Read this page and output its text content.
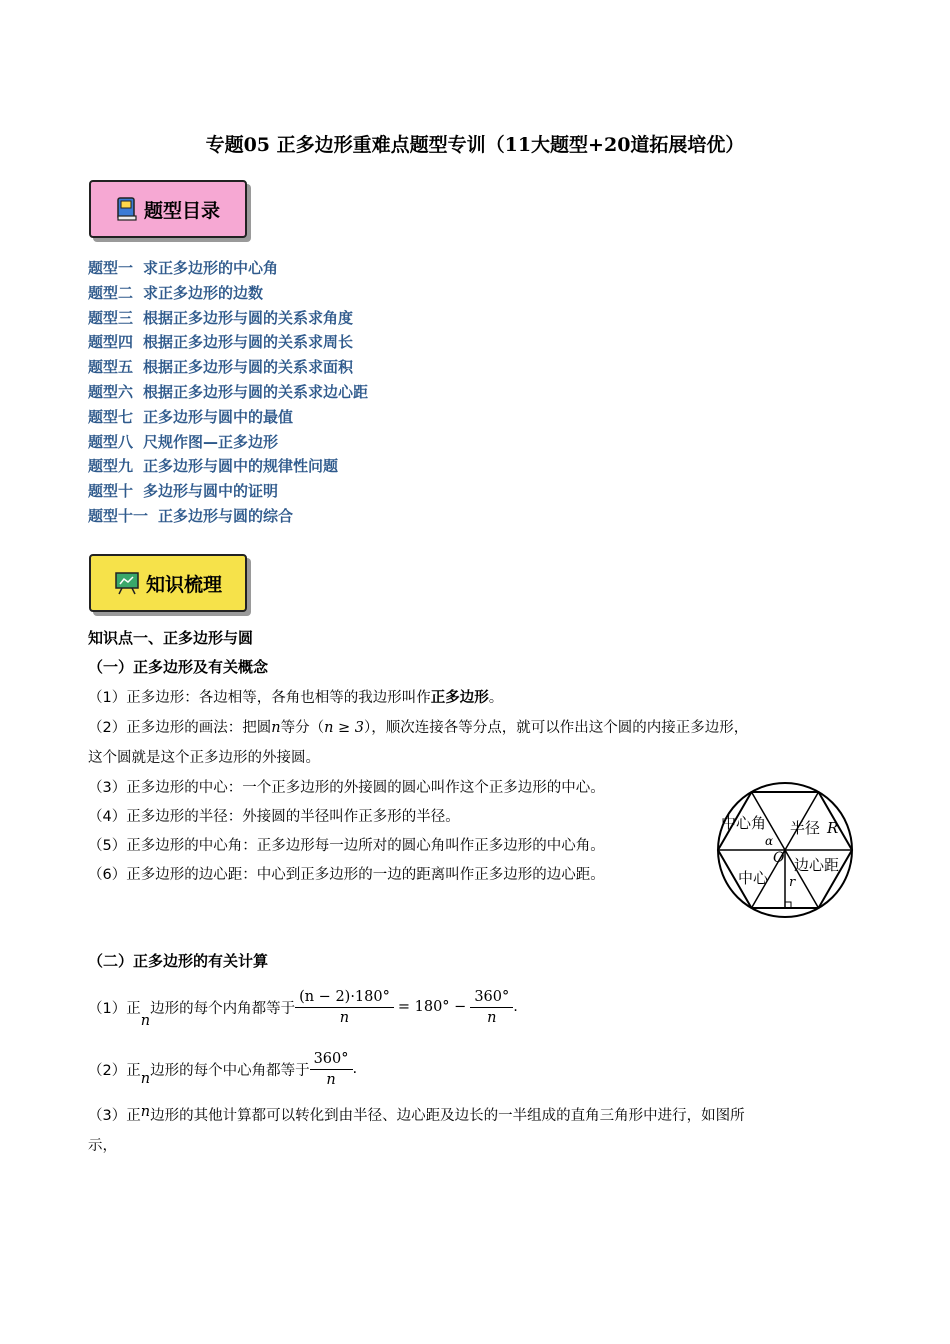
专题05 正多边形重难点题型专训（11大题型+20道拓展培优）
题型目录
题型一 求正多边形的中心角
题型二 求正多边形的边数
题型三 根据正多边形与圆的关系求角度
题型四 根据正多边形与圆的关系求周长
题型五 根据正多边形与圆的关系求面积
题型六 根据正多边形与圆的关系求边心距
题型七 正多边形与圆中的最值
题型八 尺规作图—正多边形
题型九 正多边形与圆中的规律性问题
题型十 多边形与圆中的证明
题型十一 正多边形与圆的综合
知识梳理
知识点一、正多边形与圆
（一）正多边形及有关概念
（1）正多边形：各边相等，各角也相等的我边形叫作正多边形。
（2）正多边形的画法：把圆n等分（n ≥ 3），顺次连接各等分点，就可以作出这个圆的内接正多边形，
这个圆就是这个正多边形的外接圆。
（3）正多边形的中心：一个正多边形的外接圆的圆心叫作这个正多边形的中心。
（4）正多边形的半径：外接圆的半径叫作正多形的半径。
（5）正多边形的中心角：正多边形每一边所对的圆心角叫作正多边形的中心角。
（6）正多边形的边心距：中心到正多边形的一边的距离叫作正多边形的边心距。
中心角 半径 R
α
O 边心距
中心 r
（二）正多边形的有关计算
（1）正
n
边形的每个内角都等于 $\frac{(n - 2)\cdot 180^\circ}{n} = 180^\circ - \frac{360^\circ}{n}$ .
（2）正
n
边形的每个中心角都等于 $\frac{360^\circ}{n}$ .
（3）正n边形的其他计算都可以转化到由半径、边心距及边长的一半组成的直角三角形中进行，如图所
示，
